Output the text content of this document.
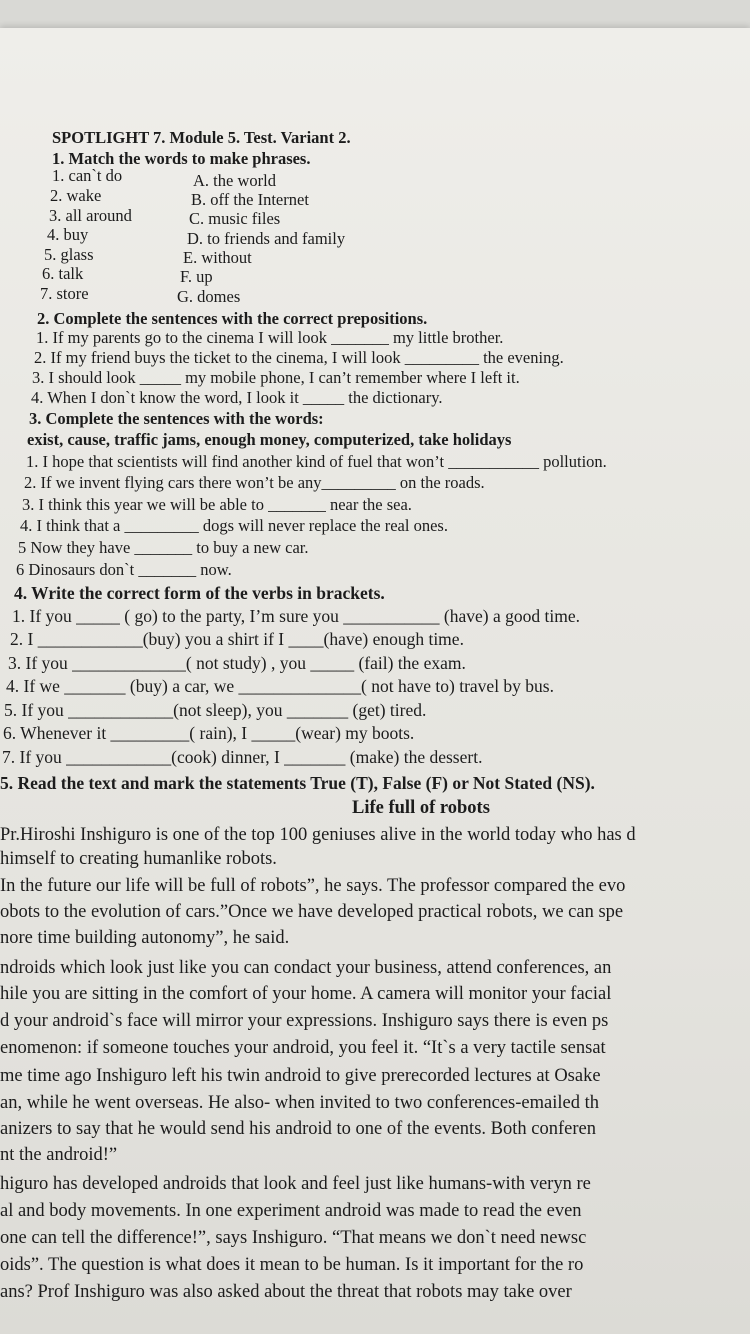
SPOTLIGHT 7. Module 5. Test. Variant 2.
1. Match the words to make phrases.
1. can`t do	A. the world
2. wake	B. off the Internet
3. all around	C. music files
4. buy	D. to friends and family
5. glass	E. without
6. talk	F. up
7. store	G. domes
2. Complete the sentences with the correct prepositions.
1. If my parents go to the cinema I will look _______ my little brother.
2. If my friend buys the ticket to the cinema, I will look _________ the evening.
3. I should look _____ my mobile phone, I can’t remember where I left it.
4. When I don`t know the word, I look it _____ the dictionary.
3. Complete the sentences with the words:
exist, cause, traffic jams, enough money, computerized, take holidays
1. I hope that scientists will find another kind of fuel that won’t ___________ pollution.
2. If we invent flying cars there won’t be any_________ on the roads.
3. I think this year we will be able to _______ near the sea.
4. I think that a _________ dogs will never replace the real ones.
5 Now they have _______ to buy a new car.
6 Dinosaurs don`t _______ now.
4. Write the correct form of the verbs in brackets.
1. If you _____ ( go) to the party, I’m sure you ___________ (have) a good time.
2. I ____________(buy) you a shirt if I ____(have) enough time.
3. If you _____________( not study) , you _____ (fail) the exam.
4. If we _______ (buy) a car, we ______________( not have to) travel by bus.
5. If you ____________(not sleep), you _______ (get) tired.
6. Whenever it _________( rain), I _____(wear) my boots.
7. If you ____________(cook) dinner, I _______ (make) the dessert.
5. Read the text and mark the statements True (T), False (F) or Not Stated (NS).
Life full of robots
Pr.Hiroshi Inshiguro is one of the top 100 geniuses alive in the world today who has d
himself to creating humanlike robots.
In the future our life will be full of robots”, he says. The professor compared the evo
obots to the evolution of cars.”Once we have developed practical robots, we can spe
nore time building autonomy”, he said.
ndroids which look just like you can condact your business, attend conferences, an
hile you are sitting in the comfort of your home. A camera will monitor your facial
d your android`s face will mirror your expressions. Inshiguro says there is even ps
enomenon: if someone touches your android, you feel it. “It`s a very tactile sensat
me time ago Inshiguro left his twin android to give prerecorded lectures at Osake
an, while he went overseas. He also- when invited to two conferences-emailed th
anizers to say that he would send his android to one of the events. Both conferen
nt the android!”
higuro has developed androids that look and feel just like humans-with veryn re
al and body movements. In one experiment android was made to read the even
one can tell the difference!”, says Inshiguro. “That means we don`t need newsc
oids”. The question is what does it mean to be human. Is it important for the ro
ans? Prof Inshiguro was also asked about the threat that robots may take over
